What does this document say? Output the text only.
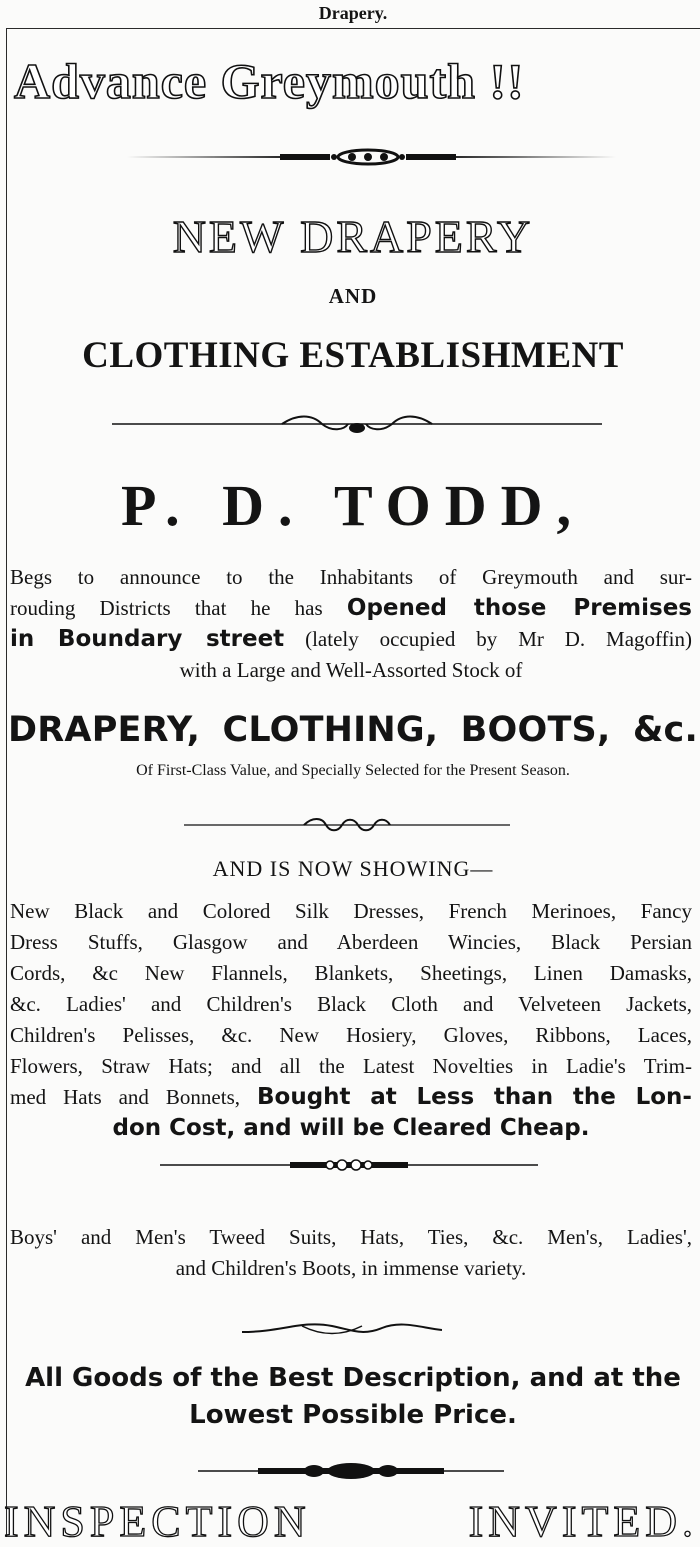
Drapery.
Advance Greymouth !!
NEW DRAPERY
AND
CLOTHING ESTABLISHMENT
P. D. TODD,
Begs to announce to the Inhabitants of Greymouth and sur-
rouding Districts that he has Opened those Premises
in Boundary street (lately occupied by Mr D. Magoffin)
with a Large and Well-Assorted Stock of
DRAPERY, CLOTHING, BOOTS, &c.
Of First-Class Value, and Specially Selected for the Present Season.
AND IS NOW SHOWING—
New Black and Colored Silk Dresses, French Merinoes, Fancy
Dress Stuffs, Glasgow and Aberdeen Wincies, Black Persian
Cords, &c New Flannels, Blankets, Sheetings, Linen Damasks,
&c. Ladies' and Children's Black Cloth and Velveteen Jackets,
Children's Pelisses, &c. New Hosiery, Gloves, Ribbons, Laces,
Flowers, Straw Hats; and all the Latest Novelties in Ladie's Trim-
med Hats and Bonnets, Bought at Less than the Lon-
don Cost, and will be Cleared Cheap.
Boys' and Men's Tweed Suits, Hats, Ties, &c. Men's, Ladies',
and Children's Boots, in immense variety.
All Goods of the Best Description, and at the
Lowest Possible Price.
INSPECTION INVITED.
